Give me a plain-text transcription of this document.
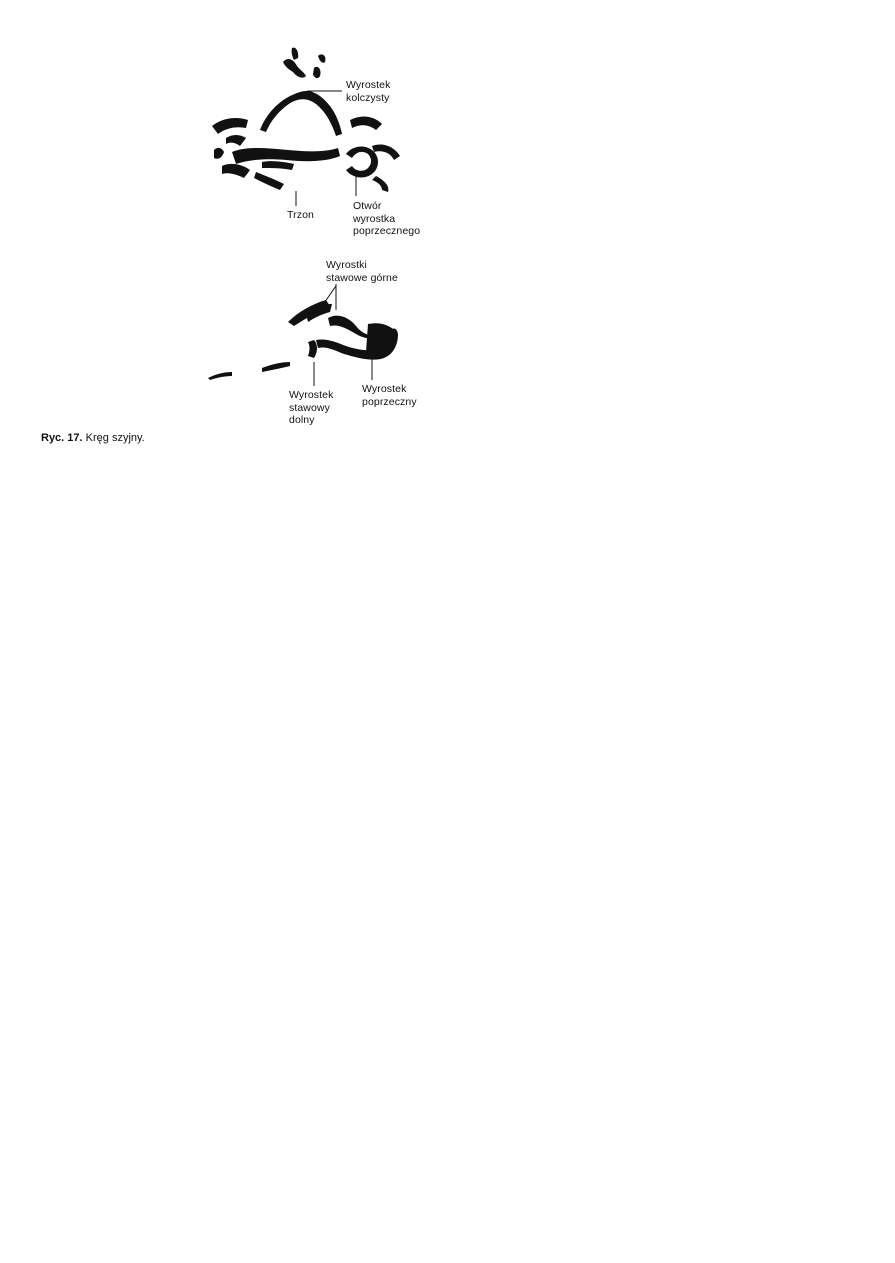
Wyrostek
kolczysty
Trzon
Otwór
wyrostka
poprzecznego
Wyrostki
stawowe górne
Wyrostek
stawowy
dolny
Wyrostek
poprzeczny
Ryc. 17. Kręg szyjny.
